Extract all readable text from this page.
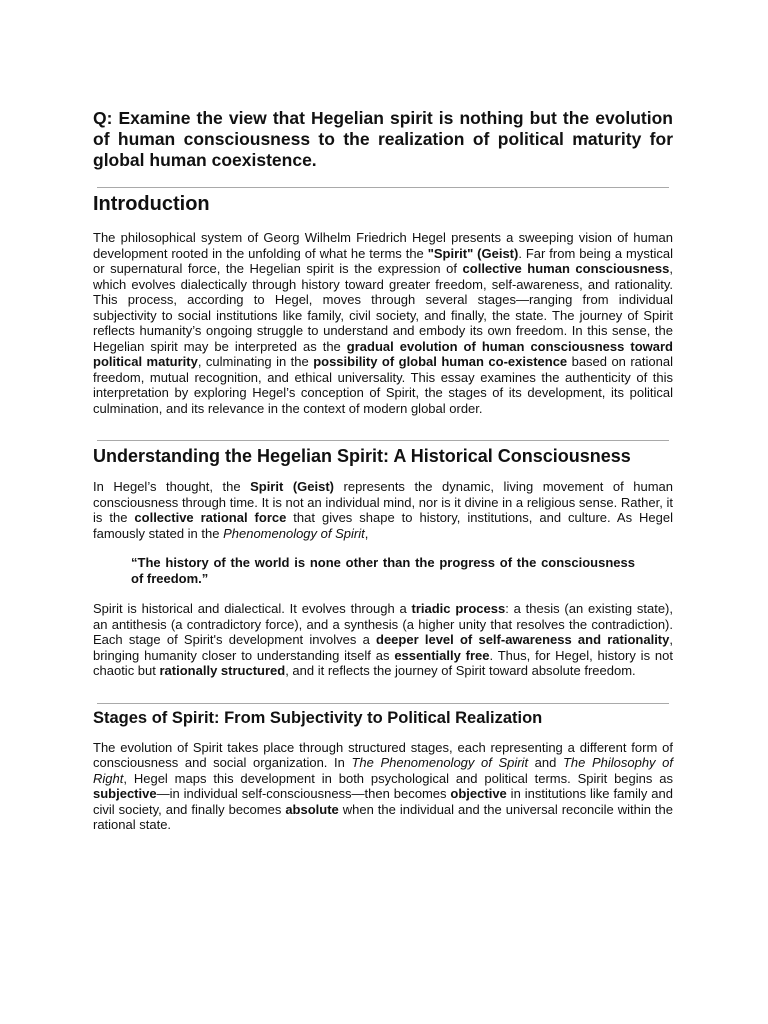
Q: Examine the view that Hegelian spirit is nothing but the evolution of human consciousness to the realization of political maturity for global human coexistence.

Introduction

The philosophical system of Georg Wilhelm Friedrich Hegel presents a sweeping vision of human development rooted in the unfolding of what he terms the "Spirit" (Geist). Far from being a mystical or supernatural force, the Hegelian spirit is the expression of collective human consciousness, which evolves dialectically through history toward greater freedom, self-awareness, and rationality. This process, according to Hegel, moves through several stages—ranging from individual subjectivity to social institutions like family, civil society, and finally, the state. The journey of Spirit reflects humanity’s ongoing struggle to understand and embody its own freedom. In this sense, the Hegelian spirit may be interpreted as the gradual evolution of human consciousness toward political maturity, culminating in the possibility of global human co-existence based on rational freedom, mutual recognition, and ethical universality. This essay examines the authenticity of this interpretation by exploring Hegel’s conception of Spirit, the stages of its development, its political culmination, and its relevance in the context of modern global order.

Understanding the Hegelian Spirit: A Historical Consciousness

In Hegel’s thought, the Spirit (Geist) represents the dynamic, living movement of human consciousness through time. It is not an individual mind, nor is it divine in a religious sense. Rather, it is the collective rational force that gives shape to history, institutions, and culture. As Hegel famously stated in the Phenomenology of Spirit,

“The history of the world is none other than the progress of the consciousness of freedom.”

Spirit is historical and dialectical. It evolves through a triadic process: a thesis (an existing state), an antithesis (a contradictory force), and a synthesis (a higher unity that resolves the contradiction). Each stage of Spirit's development involves a deeper level of self-awareness and rationality, bringing humanity closer to understanding itself as essentially free. Thus, for Hegel, history is not chaotic but rationally structured, and it reflects the journey of Spirit toward absolute freedom.

Stages of Spirit: From Subjectivity to Political Realization

The evolution of Spirit takes place through structured stages, each representing a different form of consciousness and social organization. In The Phenomenology of Spirit and The Philosophy of Right, Hegel maps this development in both psychological and political terms. Spirit begins as subjective—in individual self-consciousness—then becomes objective in institutions like family and civil society, and finally becomes absolute when the individual and the universal reconcile within the rational state.
